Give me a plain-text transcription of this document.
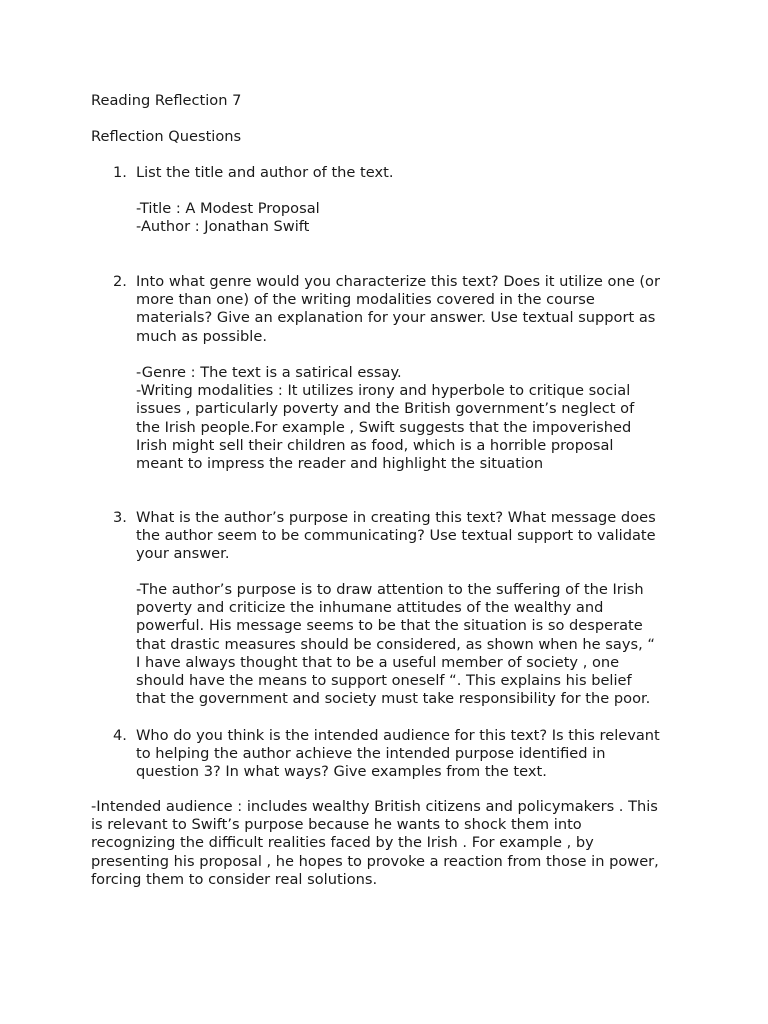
Reading Reflection 7
Reflection Questions
1. List the title and author of the text.
-Title : A Modest Proposal
-Author : Jonathan Swift
2. Into what genre would you characterize this text? Does it utilize one (or
more than one) of the writing modalities covered in the course
materials? Give an explanation for your answer. Use textual support as
much as possible.
-Genre : The text is a satirical essay.
-Writing modalities : It utilizes irony and hyperbole to critique social
issues , particularly poverty and the British government’s neglect of
the Irish people.For example , Swift suggests that the impoverished
Irish might sell their children as food, which is a horrible proposal
meant to impress the reader and highlight the situation
3. What is the author’s purpose in creating this text? What message does
the author seem to be communicating? Use textual support to validate
your answer.
-The author’s purpose is to draw attention to the suffering of the Irish
poverty and criticize the inhumane attitudes of the wealthy and
powerful. His message seems to be that the situation is so desperate
that drastic measures should be considered, as shown when he says, “
I have always thought that to be a useful member of society , one
should have the means to support oneself “. This explains his belief
that the government and society must take responsibility for the poor.
4. Who do you think is the intended audience for this text? Is this relevant
to helping the author achieve the intended purpose identified in
question 3? In what ways? Give examples from the text.
-Intended audience : includes wealthy British citizens and policymakers . This
is relevant to Swift’s purpose because he wants to shock them into
recognizing the difficult realities faced by the Irish . For example , by
presenting his proposal , he hopes to provoke a reaction from those in power,
forcing them to consider real solutions.
